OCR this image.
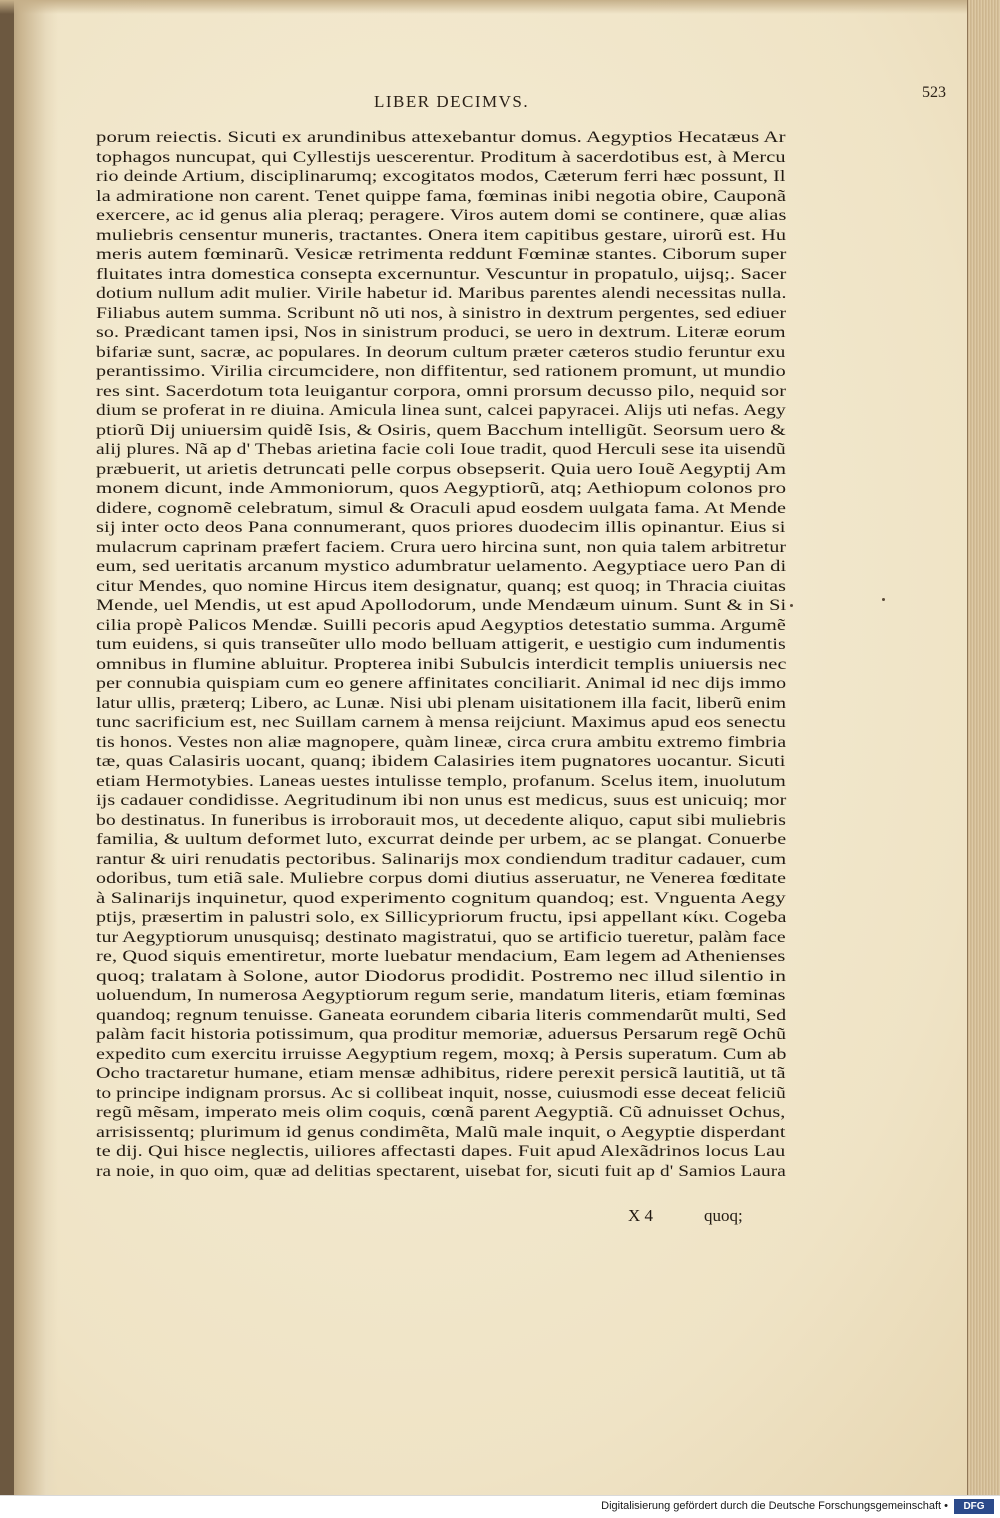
LIBER DECIMVS.	523
porum reiectis. Sicuti ex arundinibus attexebantur domus. Aegyptios Hecatæus Ar
tophagos nuncupat, qui Cyllestijs uescerentur. Proditum à sacerdotibus est, à Mercu
rio deinde Artium, disciplinarumq; excogitatos modos, Cæterum ferri hæc possunt, Il
la admiratione non carent. Tenet quippe fama, fœminas inibi negotia obire, Cauponã
exercere, ac id genus alia pleraq; peragere. Viros autem domi se continere, quæ alias
muliebris censentur muneris, tractantes. Onera item capitibus gestare, uirorũ est. Hu
meris autem fœminarũ. Vesicæ retrimenta reddunt Fœminæ stantes. Ciborum super
fluitates intra domestica consepta excernuntur. Vescuntur in propatulo, uijsq;. Sacer
dotium nullum adit mulier. Virile habetur id. Maribus parentes alendi necessitas nulla.
Filiabus autem summa. Scribunt nõ uti nos, à sinistro in dextrum pergentes, sed ediuer
so. Prædicant tamen ipsi, Nos in sinistrum produci, se uero in dextrum. Literæ eorum
bifariæ sunt, sacræ, ac populares. In deorum cultum præter cæteros studio feruntur exu
perantissimo. Virilia circumcidere, non diffitentur, sed rationem promunt, ut mundio
res sint. Sacerdotum tota leuigantur corpora, omni prorsum decusso pilo, nequid sor
dium se proferat in re diuina. Amicula linea sunt, calcei papyracei. Alijs uti nefas. Aegy
ptiorũ Dij uniuersim quidẽ Isis, & Osiris, quem Bacchum intelligũt. Seorsum uero &
alij plures. Nã ap d' Thebas arietina facie coli Ioue tradit, quod Herculi sese ita uisendũ
præbuerit, ut arietis detruncati pelle corpus obsepserit. Quia uero Iouẽ Aegyptij Am
monem dicunt, inde Ammoniorum, quos Aegyptiorũ, atq; Aethiopum colonos pro
didere, cognomẽ celebratum, simul & Oraculi apud eosdem uulgata fama. At Mende
sij inter octo deos Pana connumerant, quos priores duodecim illis opinantur. Eius si
mulacrum caprinam præfert faciem. Crura uero hircina sunt, non quia talem arbitretur
eum, sed ueritatis arcanum mystico adumbratur uelamento. Aegyptiace uero Pan di
citur Mendes, quo nomine Hircus item designatur, quanq; est quoq; in Thracia ciuitas
Mende, uel Mendis, ut est apud Apollodorum, unde Mendæum uinum. Sunt & in Si
cilia propè Palicos Mendæ. Suilli pecoris apud Aegyptios detestatio summa. Argumẽ
tum euidens, si quis transeũter ullo modo belluam attigerit, e uestigio cum indumentis
omnibus in flumine abluitur. Propterea inibi Subulcis interdicit templis uniuersis nec
per connubia quispiam cum eo genere affinitates conciliarit. Animal id nec dijs immo
latur ullis, præterq; Libero, ac Lunæ. Nisi ubi plenam uisitationem illa facit, liberũ enim
tunc sacrificium est, nec Suillam carnem à mensa reijciunt. Maximus apud eos senectu
tis honos. Vestes non aliæ magnopere, quàm lineæ, circa crura ambitu extremo fimbria
tæ, quas Calasiris uocant, quanq; ibidem Calasiries item pugnatores uocantur. Sicuti
etiam Hermotybies. Laneas uestes intulisse templo, profanum. Scelus item, inuolutum
ijs cadauer condidisse. Aegritudinum ibi non unus est medicus, suus est unicuiq; mor
bo destinatus. In funeribus is irroborauit mos, ut decedente aliquo, caput sibi muliebris
familia, & uultum deformet luto, excurrat deinde per urbem, ac se plangat. Conuerbe
rantur & uiri renudatis pectoribus. Salinarijs mox condiendum traditur cadauer, cum
odoribus, tum etiã sale. Muliebre corpus domi diutius asseruatur, ne Venerea fœditate
à Salinarijs inquinetur, quod experimento cognitum quandoq; est. Vnguenta Aegy
ptijs, præsertim in palustri solo, ex Sillicypriorum fructu, ipsi appellant κίκι. Cogeba
tur Aegyptiorum unusquisq; destinato magistratui, quo se artificio tueretur, palàm face
re, Quod siquis ementiretur, morte luebatur mendacium, Eam legem ad Athenienses
quoq; tralatam à Solone, autor Diodorus prodidit. Postremo nec illud silentio in
uoluendum, In numerosa Aegyptiorum regum serie, mandatum literis, etiam fœminas
quandoq; regnum tenuisse. Ganeata eorundem cibaria literis commendarũt multi, Sed
palàm facit historia potissimum, qua proditur memoriæ, aduersus Persarum regẽ Ochũ
expedito cum exercitu irruisse Aegyptium regem, moxq; à Persis superatum. Cum ab
Ocho tractaretur humane, etiam mensæ adhibitus, ridere perexit persicã lautitiã, ut tã
to principe indignam prorsus. Ac si collibeat inquit, nosse, cuiusmodi esse deceat feliciũ
regũ mẽsam, imperato meis olim coquis, cœnã parent Aegyptiã. Cũ adnuisset Ochus,
arrisissentq; plurimum id genus condimẽta, Malũ male inquit, o Aegyptie disperdant
te dij. Qui hisce neglectis, uiliores affectasti dapes. Fuit apud Alexãdrinos locus Lau
ra noie, in quo oim, quæ ad delitias spectarent, uisebat for, sicuti fuit ap d' Samios Laura
X 4	quoq;
Digitalisierung gefördert durch die Deutsche Forschungsgemeinschaft •	DFG
